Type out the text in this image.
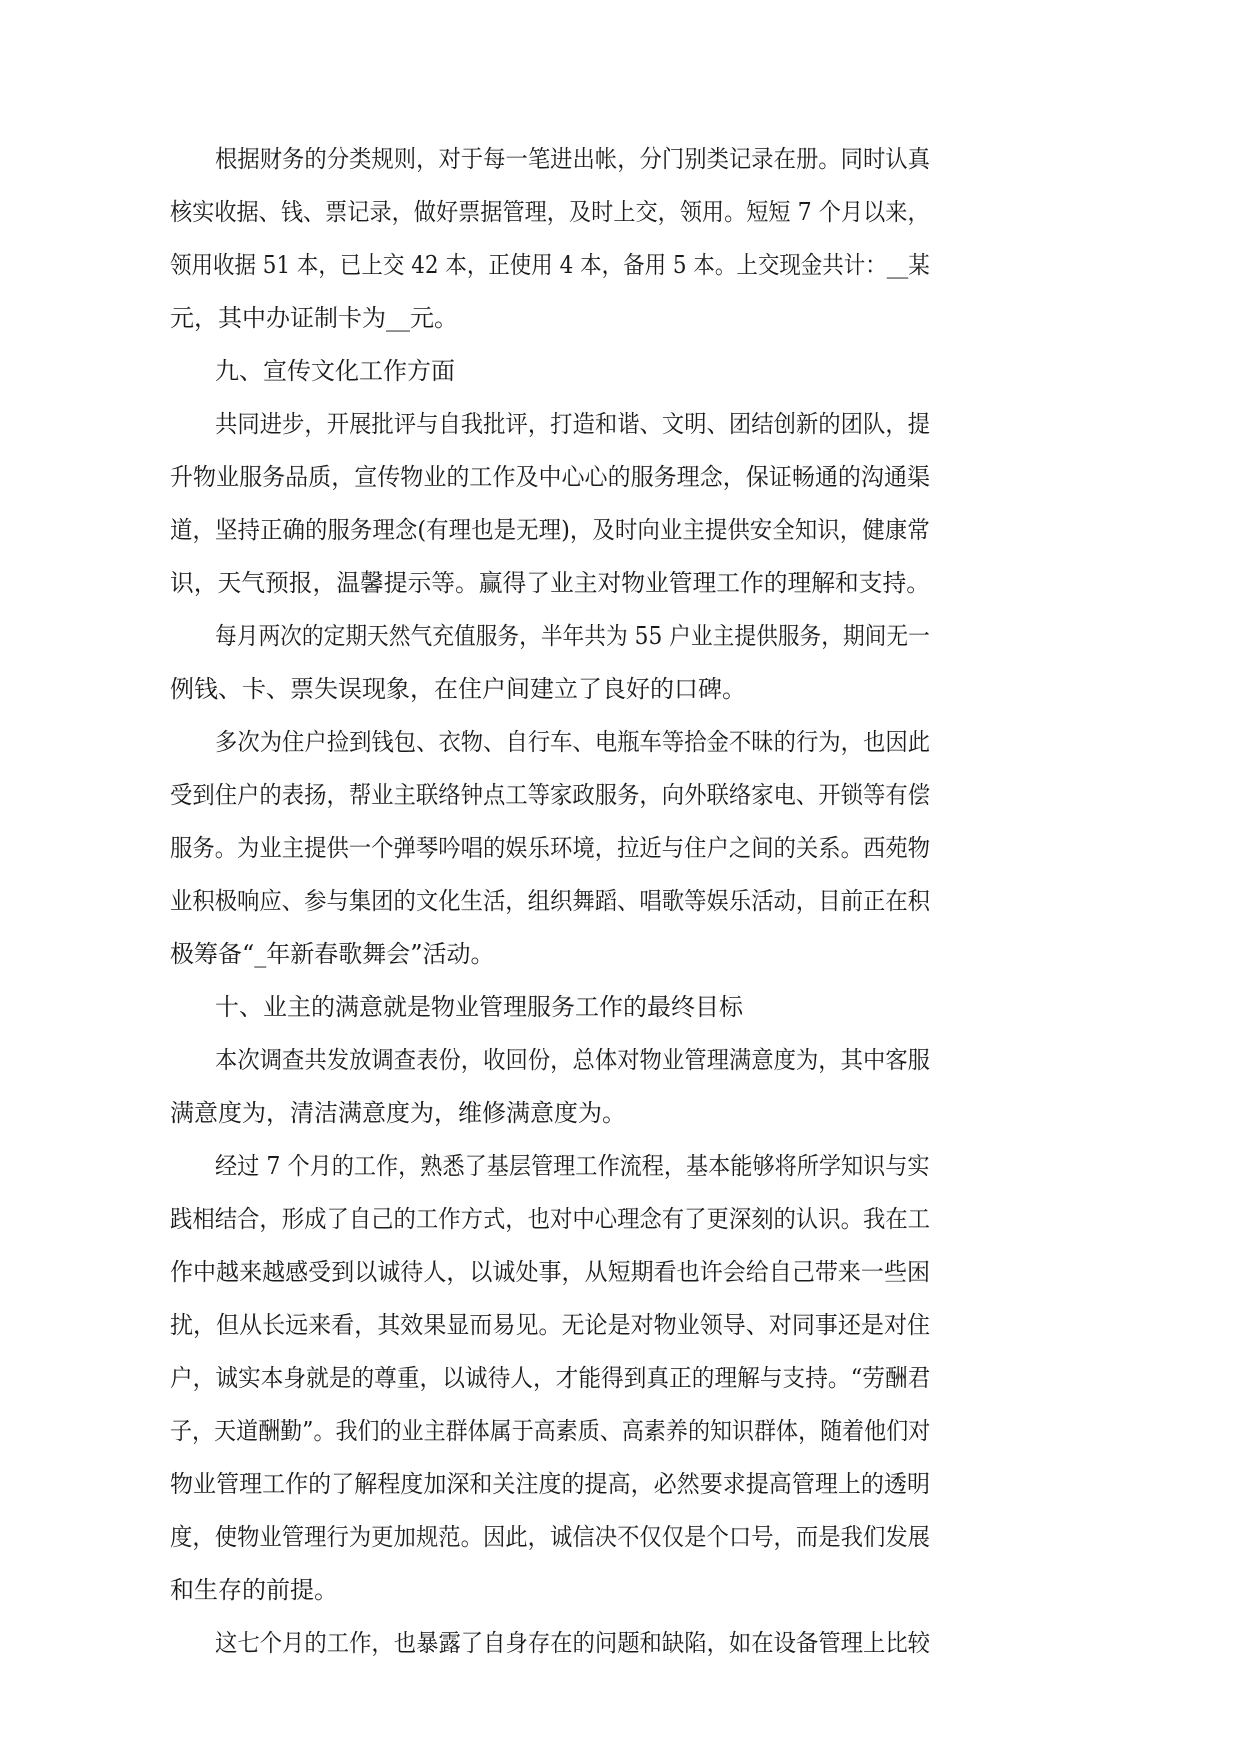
根据财务的分类规则，对于每一笔进出帐，分门别类记录在册。同时认真
核实收据、钱、票记录，做好票据管理，及时上交，领用。短短 7 个月以来，
领用收据 51 本，已上交 42 本，正使用 4 本，备用 5 本。上交现金共计：__某
元，其中办证制卡为__元。
九、宣传文化工作方面
共同进步，开展批评与自我批评，打造和谐、文明、团结创新的团队，提
升物业服务品质，宣传物业的工作及中心心的服务理念，保证畅通的沟通渠
道，坚持正确的服务理念(有理也是无理)，及时向业主提供安全知识，健康常
识，天气预报，温馨提示等。赢得了业主对物业管理工作的理解和支持。
每月两次的定期天然气充值服务，半年共为 55 户业主提供服务，期间无一
例钱、卡、票失误现象，在住户间建立了良好的口碑。
多次为住户捡到钱包、衣物、自行车、电瓶车等拾金不昧的行为，也因此
受到住户的表扬，帮业主联络钟点工等家政服务，向外联络家电、开锁等有偿
服务。为业主提供一个弹琴吟唱的娱乐环境，拉近与住户之间的关系。西苑物
业积极响应、参与集团的文化生活，组织舞蹈、唱歌等娱乐活动，目前正在积
极筹备“_年新春歌舞会”活动。
十、业主的满意就是物业管理服务工作的最终目标
本次调查共发放调查表份，收回份，总体对物业管理满意度为，其中客服
满意度为，清洁满意度为，维修满意度为。
经过 7 个月的工作，熟悉了基层管理工作流程，基本能够将所学知识与实
践相结合，形成了自己的工作方式，也对中心理念有了更深刻的认识。我在工
作中越来越感受到以诚待人，以诚处事，从短期看也许会给自己带来一些困
扰，但从长远来看，其效果显而易见。无论是对物业领导、对同事还是对住
户，诚实本身就是的尊重，以诚待人，才能得到真正的理解与支持。“劳酬君
子，天道酬勤”。我们的业主群体属于高素质、高素养的知识群体，随着他们对
物业管理工作的了解程度加深和关注度的提高，必然要求提高管理上的透明
度，使物业管理行为更加规范。因此，诚信决不仅仅是个口号，而是我们发展
和生存的前提。
这七个月的工作，也暴露了自身存在的问题和缺陷，如在设备管理上比较
